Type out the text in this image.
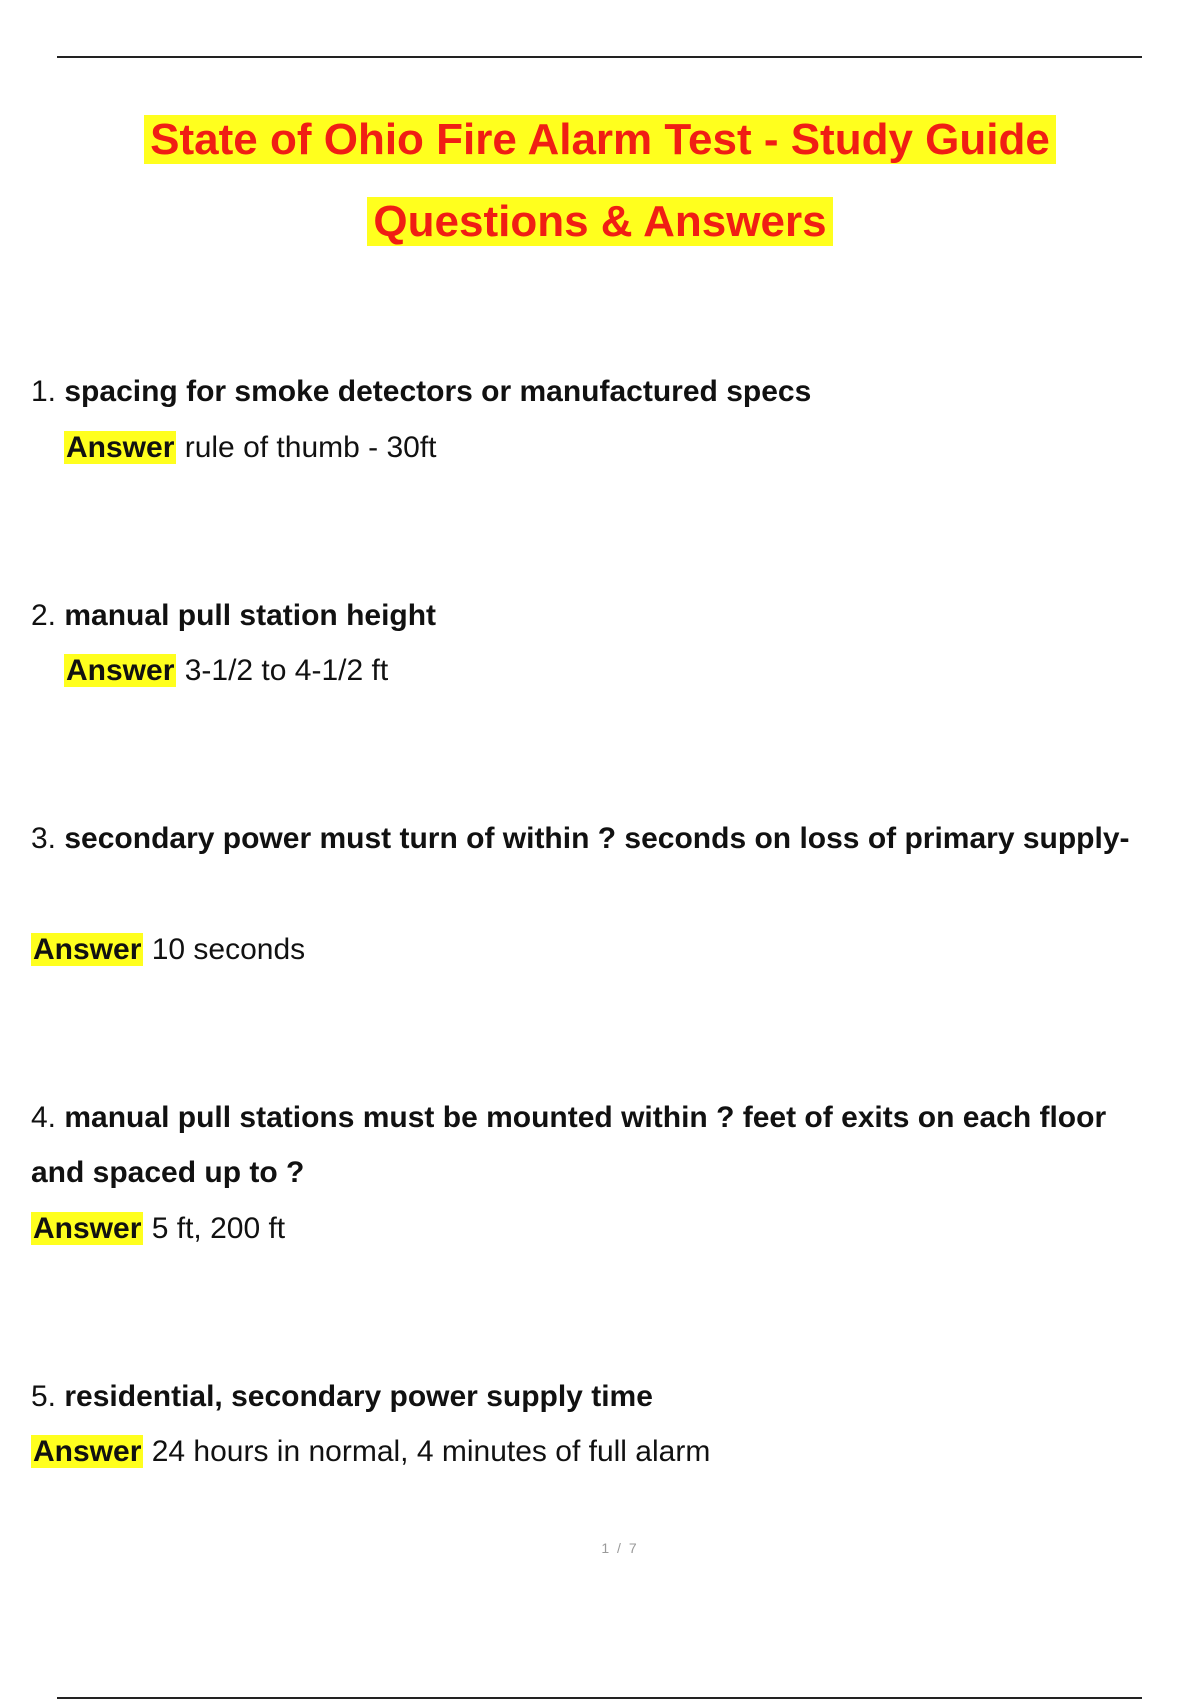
State of Ohio Fire Alarm Test - Study Guide
Questions & Answers
1. spacing for smoke detectors or manufactured specs
Answer rule of thumb - 30ft
2. manual pull station height
Answer 3-1/2 to 4-1/2 ft
3. secondary power must turn of within ? seconds on loss of primary supply-
Answer 10 seconds
4. manual pull stations must be mounted within ? feet of exits on each floor
and spaced up to ?
Answer 5 ft, 200 ft
5. residential, secondary power supply time
Answer 24 hours in normal, 4 minutes of full alarm
1 / 7
